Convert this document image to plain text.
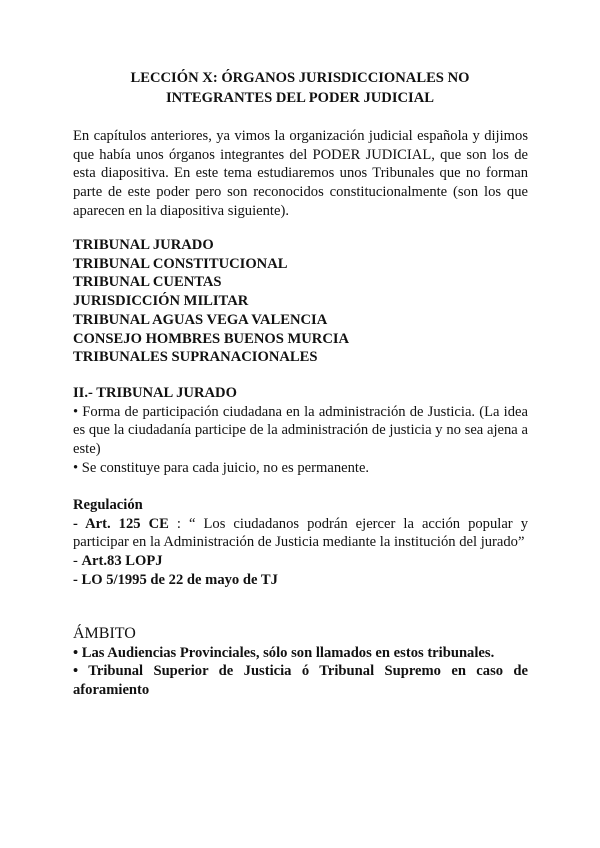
LECCIÓN X: ÓRGANOS JURISDICCIONALES NO
INTEGRANTES DEL PODER JUDICIAL

En capítulos anteriores, ya vimos la organización judicial española y dijimos que había unos órganos integrantes del PODER JUDICIAL, que son los de esta diapositiva. En este tema estudiaremos unos Tribunales que no forman parte de este poder pero son reconocidos constitucionalmente (son los que aparecen en la diapositiva siguiente).

TRIBUNAL JURADO
TRIBUNAL CONSTITUCIONAL
TRIBUNAL CUENTAS
JURISDICCIÓN MILITAR
TRIBUNAL AGUAS VEGA VALENCIA
CONSEJO HOMBRES BUENOS MURCIA
TRIBUNALES SUPRANACIONALES
II.- TRIBUNAL JURADO

• Forma de participación ciudadana en la administración de Justicia. (La idea es que la ciudadanía participe de la administración de justicia y no sea ajena a este)

• Se constituye para cada juicio, no es permanente.

Regulación

- Art. 125 CE : “ Los ciudadanos podrán ejercer la acción popular y participar en la Administración de Justicia mediante la institución del jurado”

- Art.83 LOPJ

- LO 5/1995 de 22 de mayo de TJ

ÁMBITO

• Las Audiencias Provinciales, sólo son llamados en estos tribunales.

• Tribunal Superior de Justicia ó Tribunal Supremo en caso de aforamiento
